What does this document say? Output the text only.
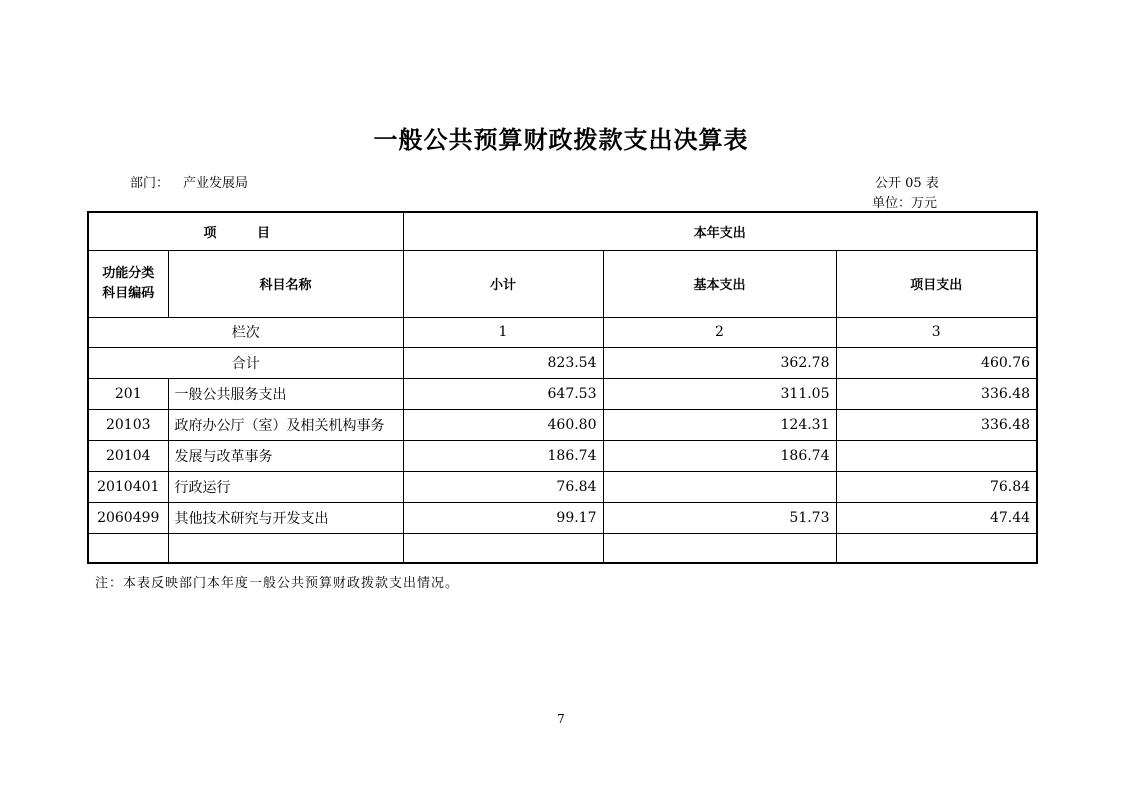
一般公共预算财政拨款支出决算表
部门： 产业发展局	公开 05 表
单位：万元
项 目		本年支出		
功能分类
科目编码	科目名称	小计	基本支出	项目支出
栏次		1	2	3
合计		823.54	362.78	460.76
201	一般公共服务支出	647.53	311.05	336.48
20103	政府办公厅（室）及相关机构事务	460.80	124.31	336.48
20104	发展与改革事务	186.74	186.74	
2010401	行政运行	76.84		76.84
2060499	其他技术研究与开发支出	99.17	51.73	47.44

注：本表反映部门本年度一般公共预算财政拨款支出情况。
7
